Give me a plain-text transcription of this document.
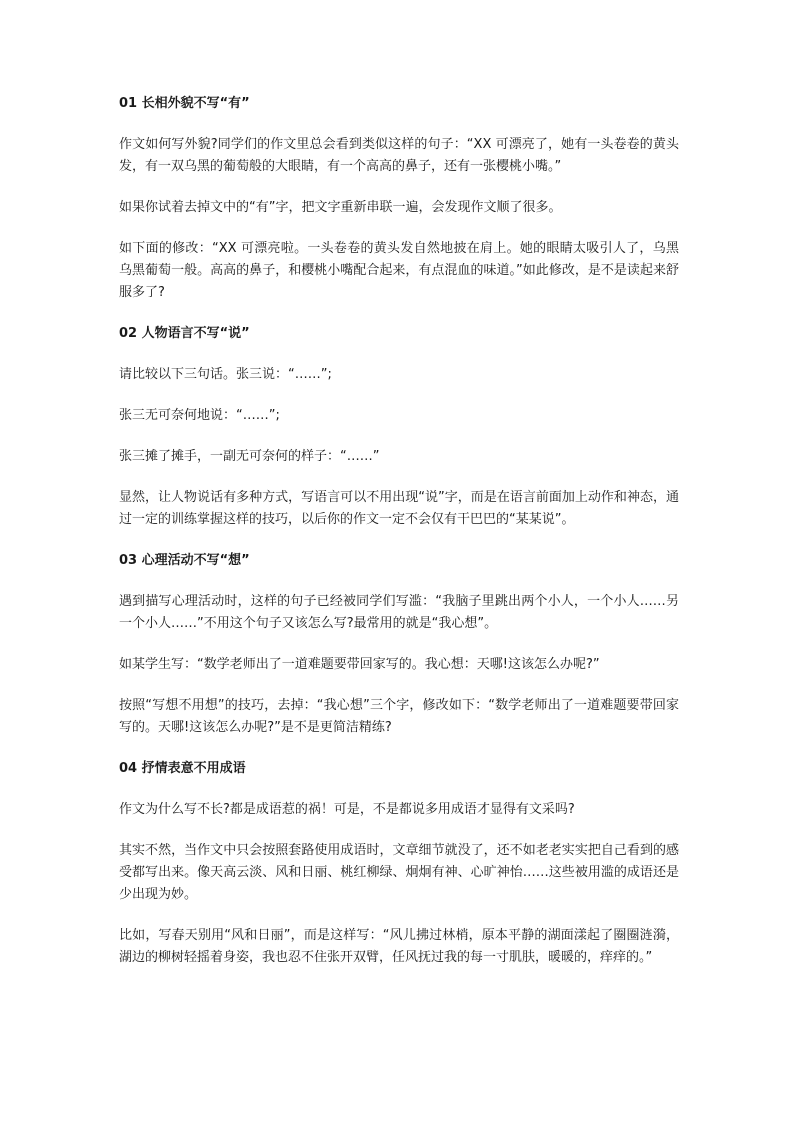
01 长相外貌不写“有”

作文如何写外貌?同学们的作文里总会看到类似这样的句子：“XX 可漂亮了，她有一头卷卷的黄头发，有一双乌黑的葡萄般的大眼睛，有一个高高的鼻子，还有一张樱桃小嘴。”

如果你试着去掉文中的“有”字，把文字重新串联一遍，会发现作文顺了很多。

如下面的修改：“XX 可漂亮啦。一头卷卷的黄头发自然地披在肩上。她的眼睛太吸引人了，乌黑乌黑葡萄一般。高高的鼻子，和樱桃小嘴配合起来，有点混血的味道。”如此修改，是不是读起来舒服多了?

02 人物语言不写“说”

请比较以下三句话。张三说：“……”;

张三无可奈何地说：“……”;

张三摊了摊手，一副无可奈何的样子：“……”

显然，让人物说话有多种方式，写语言可以不用出现“说”字，而是在语言前面加上动作和神态，通过一定的训练掌握这样的技巧，以后你的作文一定不会仅有干巴巴的“某某说”。

03 心理活动不写“想”

遇到描写心理活动时，这样的句子已经被同学们写滥：“我脑子里跳出两个小人，一个小人……另一个小人……”不用这个句子又该怎么写?最常用的就是“我心想”。

如某学生写：“数学老师出了一道难题要带回家写的。我心想：天哪!这该怎么办呢?”

按照“写想不用想”的技巧，去掉：“我心想”三个字，修改如下：“数学老师出了一道难题要带回家写的。天哪!这该怎么办呢?”是不是更简洁精练?

04 抒情表意不用成语

作文为什么写不长?都是成语惹的祸！可是，不是都说多用成语才显得有文采吗?

其实不然，当作文中只会按照套路使用成语时，文章细节就没了，还不如老老实实把自己看到的感受都写出来。像天高云淡、风和日丽、桃红柳绿、炯炯有神、心旷神怡……这些被用滥的成语还是少出现为妙。

比如，写春天别用“风和日丽”，而是这样写：“风儿拂过林梢，原本平静的湖面漾起了圈圈涟漪，湖边的柳树轻摇着身姿，我也忍不住张开双臂，任风抚过我的每一寸肌肤，暖暖的，痒痒的。”
